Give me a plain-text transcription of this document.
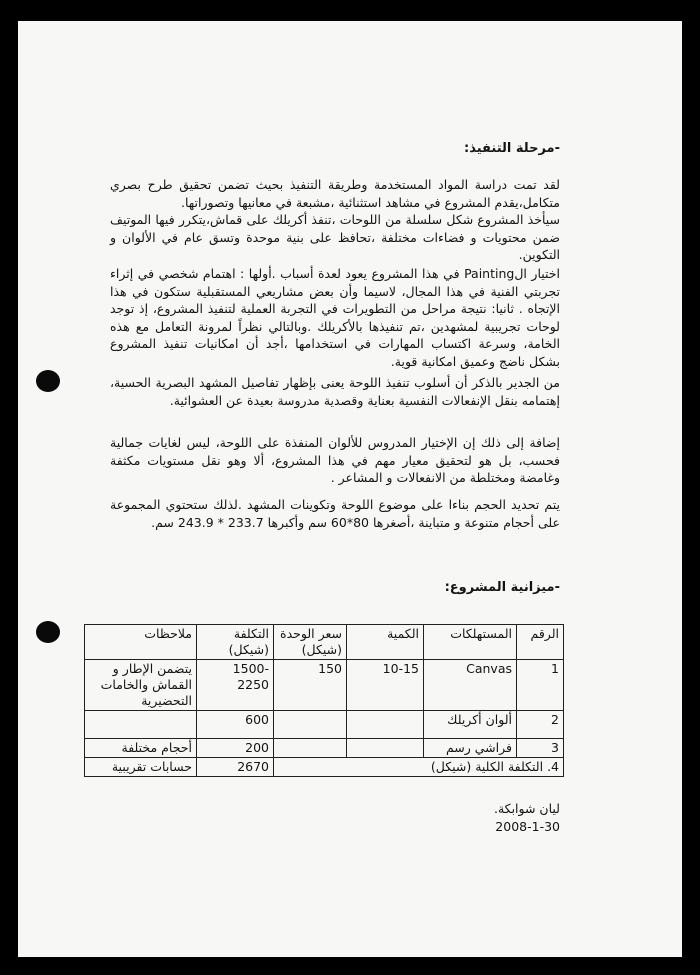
-مرحلة التنفيذ:
لقد تمت دراسة المواد المستخدمة وطريقة التنفيذ بحيث تضمن تحقيق طرح بصري متكامل،يقدم المشروع في مشاهد استثنائية ،مشبعة في معانيها وتصوراتها.
سيأخذ المشروع شكل سلسلة من اللوحات ،تنفذ أكريلك على قماش،يتكرر فيها الموتيف ضمن محتويات و فضاءات مختلفة ،تحافظ على بنية موحدة وتسق عام في الألوان و التكوين.
اختيار الPainting في هذا المشروع يعود لعدة أسباب .أولها : اهتمام شخصي في إثراء تجربتي الفنية في هذا المجال، لاسيما وأن بعض مشاريعي المستقبلية ستكون في هذا الإتجاه . ثانيا: نتيجة مراحل من التطويرات في التجربة العملية لتنفيذ المشروع، إذ توجد لوحات تجريبية لمشهدين ،تم تنفيذها بالأكريلك .وبالتالي نظراً لمرونة التعامل مع هذه الخامة، وسرعة اكتساب المهارات في استخدامها ،أجد أن امكانيات تنفيذ المشروع بشكل ناضج وعميق امكانية قوية.
من الجدير بالذكر أن أسلوب تنفيذ اللوحة يعنى بإظهار تفاصيل المشهد البصرية الحسية، إهتمامه بنقل الإنفعالات النفسية بعناية وقصدية مدروسة بعيدة عن العشوائية.
إضافة إلى ذلك إن الإختيار المدروس للألوان المنفذة على اللوحة، ليس لغايات جمالية فحسب، بل هو لتحقيق معيار مهم في هذا المشروع، ألا وهو نقل مستويات مكثفة وغامضة ومختلطة من الانفعالات و المشاعر .
يتم تحديد الحجم بناءا على موضوع اللوحة وتكوينات المشهد .لذلك ستحتوي المجموعة على أحجام متنوعة و متباينة ،أصغرها 80*60 سم وأكبرها 233.7 * 243.9 سم.
-ميزانية المشروع:
الرقم	المستهلكات	الكمية	سعر الوحدة (شيكل)	التكلفة (شيكل)	ملاحظات
1	Canvas	10-15	150	1500-2250	يتضمن الإطار و القماش والخامات التحضيرية
2	ألوان أكريلك			600	
3	فراشي رسم			200	أحجام مختلفة
4. التكلفة الكلية (شيكل)				2670	حسابات تقريبية
ليان شوابكة.
2008-1-30
